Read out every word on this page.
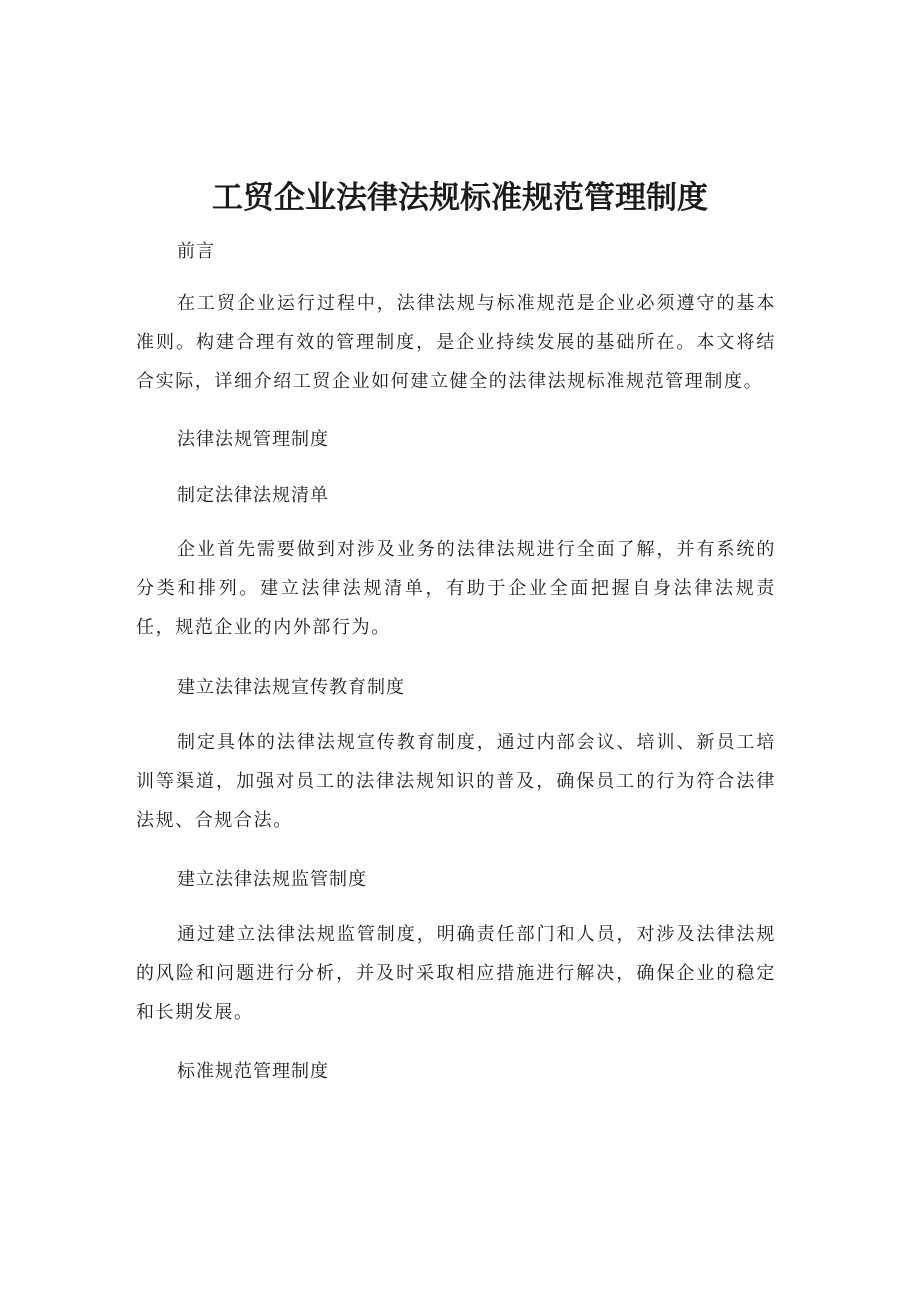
工贸企业法律法规标准规范管理制度

前言

在工贸企业运行过程中，法律法规与标准规范是企业必须遵守的基本准则。构建合理有效的管理制度，是企业持续发展的基础所在。本文将结合实际，详细介绍工贸企业如何建立健全的法律法规标准规范管理制度。

法律法规管理制度

制定法律法规清单

企业首先需要做到对涉及业务的法律法规进行全面了解，并有系统的分类和排列。建立法律法规清单，有助于企业全面把握自身法律法规责任，规范企业的内外部行为。

建立法律法规宣传教育制度

制定具体的法律法规宣传教育制度，通过内部会议、培训、新员工培训等渠道，加强对员工的法律法规知识的普及，确保员工的行为符合法律法规、合规合法。

建立法律法规监管制度

通过建立法律法规监管制度，明确责任部门和人员，对涉及法律法规的风险和问题进行分析，并及时采取相应措施进行解决，确保企业的稳定和长期发展。

标准规范管理制度
